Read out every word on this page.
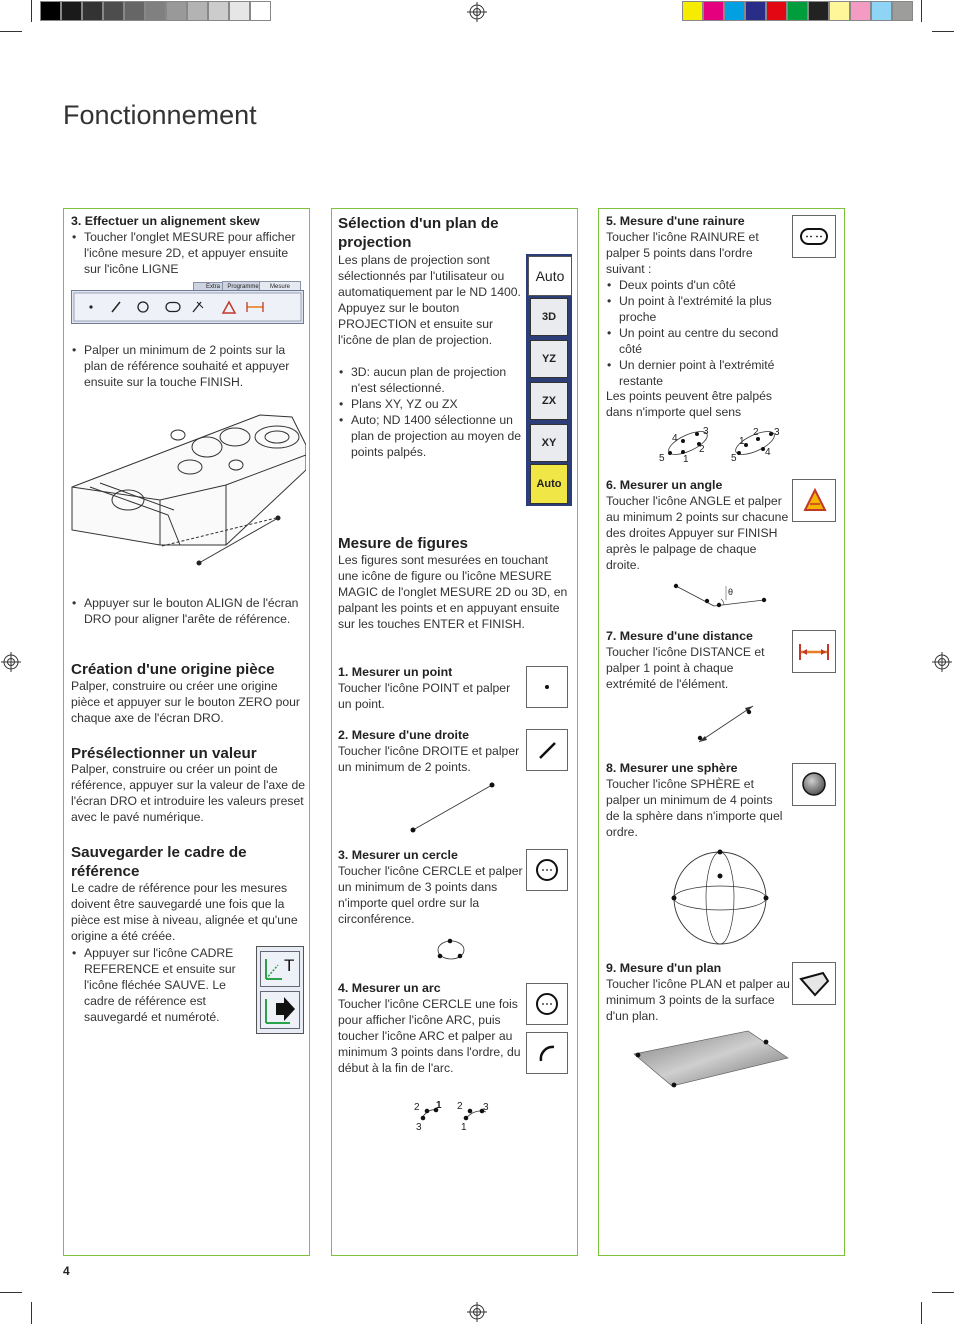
Fonctionnement
3. Effectuer un alignement skew
• Toucher l'onglet MESURE pour afficher l'icône mesure 2D, et appuyer ensuite sur l'icône LIGNE
Extra	Programme	Mesure
• Palper un minimum de 2 points sur la plan de référence souhaité et appuyer ensuite sur la touche FINISH.
• Appuyer sur le bouton ALIGN de l'écran DRO pour aligner l'arête de référence.
Création d'une origine pièce
Palper, construire ou créer une origine pièce et appuyer sur le bouton ZERO pour chaque axe de l'écran DRO.
Présélectionner un valeur
Palper, construire ou créer un point de référence, appuyer sur la valeur de l'axe de l'écran DRO et introduire les valeurs preset avec le pavé numérique.
Sauvegarder le cadre de référence
Le cadre de référence pour les mesures doivent être sauvegardé une fois que la pièce est mise à niveau, alignée et qu'une origine a été créée.
• Appuyer sur l'icône CADRE REFERENCE et ensuite sur l'icône fléchée SAUVE. Le cadre de référence est sauvegardé et numéroté.
T
Sélection d'un plan de projection
Les plans de projection sont sélectionnés par l'utilisateur ou automatiquement par le ND 1400. Appuyez sur le bouton PROJECTION et ensuite sur l'icône de plan de projection.
• 3D: aucun plan de projection n'est sélectionné.
• Plans XY, YZ ou ZX
• Auto; ND 1400 sélectionne un plan de projection au moyen de points palpés.
Auto
3D
YZ
ZX
XY
Auto
Mesure de figures
Les figures sont mesurées en touchant une icône de figure ou l'icône MESURE MAGIC de l'onglet MESURE 2D ou 3D, en palpant les points et en appuyant ensuite sur les touches ENTER et FINISH.
1. Mesurer un point
Toucher l'icône POINT et palper un point.
2. Mesure d'une droite
Toucher l'icône DROITE et palper un minimum de 2 points.
3. Mesurer un cercle
Toucher l'icône CERCLE et palper un minimum de 3 points dans n'importe quel ordre sur la circonférence.
4. Mesurer un arc
Toucher l'icône CERCLE une fois pour afficher l'icône ARC, puis toucher l'icône ARC et palper au minimum 3 points dans l'ordre, du début à la fin de l'arc.
2 1
3
2 3
1
5. Mesure d'une rainure
Toucher l'icône RAINURE et palper 5 points dans l'ordre suivant :
• Deux points d'un côté
• Un point à l'extrémité la plus proche
• Un point au centre du second côté
• Un dernier point à l'extrémité restante
Les points peuvent être palpés dans n'importe quel sens
4
3
2
5 1
1
2 3
5
4
6. Mesurer un angle
Toucher l'icône ANGLE et palper au minimum 2 points sur chacune des droites Appuyer sur FINISH après le palpage de chaque droite.
θ
7. Mesure d'une distance
Toucher l'icône DISTANCE et palper 1 point à chaque extrémité de l'élément.
8. Mesurer une sphère
Toucher l'icône SPHÈRE et palper un minimum de 4 points de la sphère dans n'importe quel ordre.
9. Mesure d'un plan
Toucher l'icône PLAN et palper au minimum 3 points de la surface d'un plan.
4
